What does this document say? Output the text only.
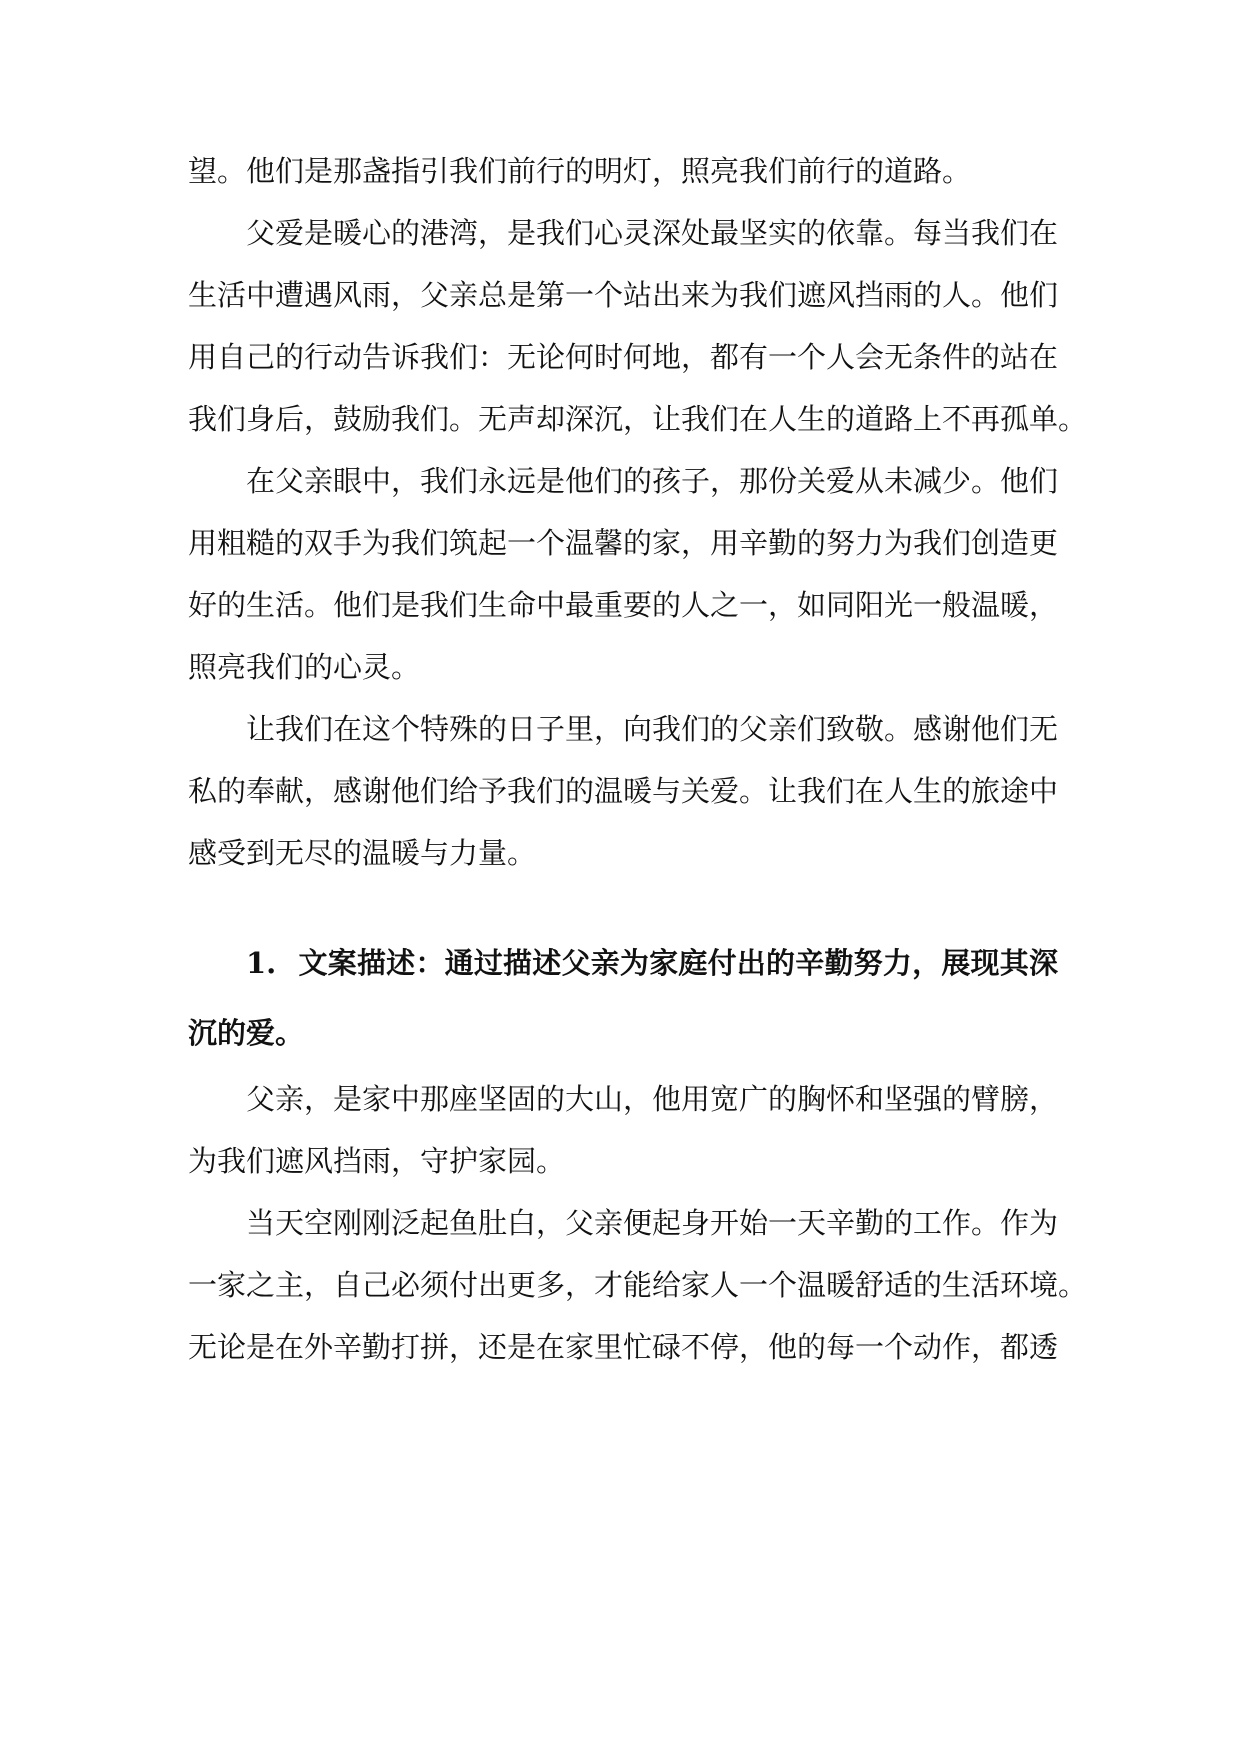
望。他们是那盏指引我们前行的明灯，照亮我们前行的道路。
父爱是暖心的港湾，是我们心灵深处最坚实的依靠。每当我们在
生活中遭遇风雨，父亲总是第一个站出来为我们遮风挡雨的人。他们
用自己的行动告诉我们：无论何时何地，都有一个人会无条件的站在
我们身后，鼓励我们。无声却深沉，让我们在人生的道路上不再孤单。
在父亲眼中，我们永远是他们的孩子，那份关爱从未减少。他们
用粗糙的双手为我们筑起一个温馨的家，用辛勤的努力为我们创造更
好的生活。他们是我们生命中最重要的人之一，如同阳光一般温暖，
照亮我们的心灵。
让我们在这个特殊的日子里，向我们的父亲们致敬。感谢他们无
私的奉献，感谢他们给予我们的温暖与关爱。让我们在人生的旅途中
感受到无尽的温暖与力量。
1. 文案描述：通过描述父亲为家庭付出的辛勤努力，展现其深
沉的爱。
父亲，是家中那座坚固的大山，他用宽广的胸怀和坚强的臂膀，
为我们遮风挡雨，守护家园。
当天空刚刚泛起鱼肚白，父亲便起身开始一天辛勤的工作。作为
一家之主，自己必须付出更多，才能给家人一个温暖舒适的生活环境。
无论是在外辛勤打拼，还是在家里忙碌不停，他的每一个动作，都透
